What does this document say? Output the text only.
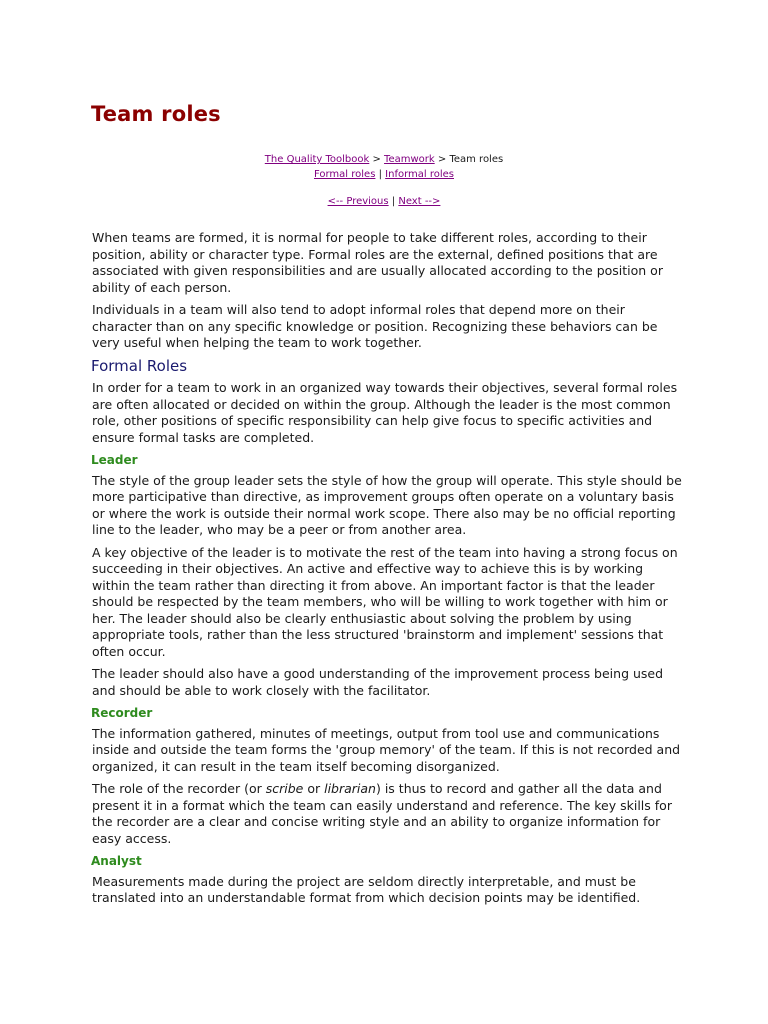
Team roles
The Quality Toolbook > Teamwork > Team roles
Formal roles | Informal roles
<-- Previous | Next -->

When teams are formed, it is normal for people to take different roles, according to their position, ability or character type. Formal roles are the external, defined positions that are associated with given responsibilities and are usually allocated according to the position or ability of each person.

Individuals in a team will also tend to adopt informal roles that depend more on their character than on any specific knowledge or position. Recognizing these behaviors can be very useful when helping the team to work together.

Formal Roles

In order for a team to work in an organized way towards their objectives, several formal roles are often allocated or decided on within the group. Although the leader is the most common role, other positions of specific responsibility can help give focus to specific activities and ensure formal tasks are completed.

Leader

The style of the group leader sets the style of how the group will operate. This style should be more participative than directive, as improvement groups often operate on a voluntary basis or where the work is outside their normal work scope. There also may be no official reporting line to the leader, who may be a peer or from another area.

A key objective of the leader is to motivate the rest of the team into having a strong focus on succeeding in their objectives. An active and effective way to achieve this is by working within the team rather than directing it from above. An important factor is that the leader should be respected by the team members, who will be willing to work together with him or her. The leader should also be clearly enthusiastic about solving the problem by using appropriate tools, rather than the less structured 'brainstorm and implement' sessions that often occur.

The leader should also have a good understanding of the improvement process being used and should be able to work closely with the facilitator.

Recorder

The information gathered, minutes of meetings, output from tool use and communications inside and outside the team forms the 'group memory' of the team. If this is not recorded and organized, it can result in the team itself becoming disorganized.

The role of the recorder (or scribe or librarian) is thus to record and gather all the data and present it in a format which the team can easily understand and reference. The key skills for the recorder are a clear and concise writing style and an ability to organize information for easy access.

Analyst

Measurements made during the project are seldom directly interpretable, and must be translated into an understandable format from which decision points may be identified.
